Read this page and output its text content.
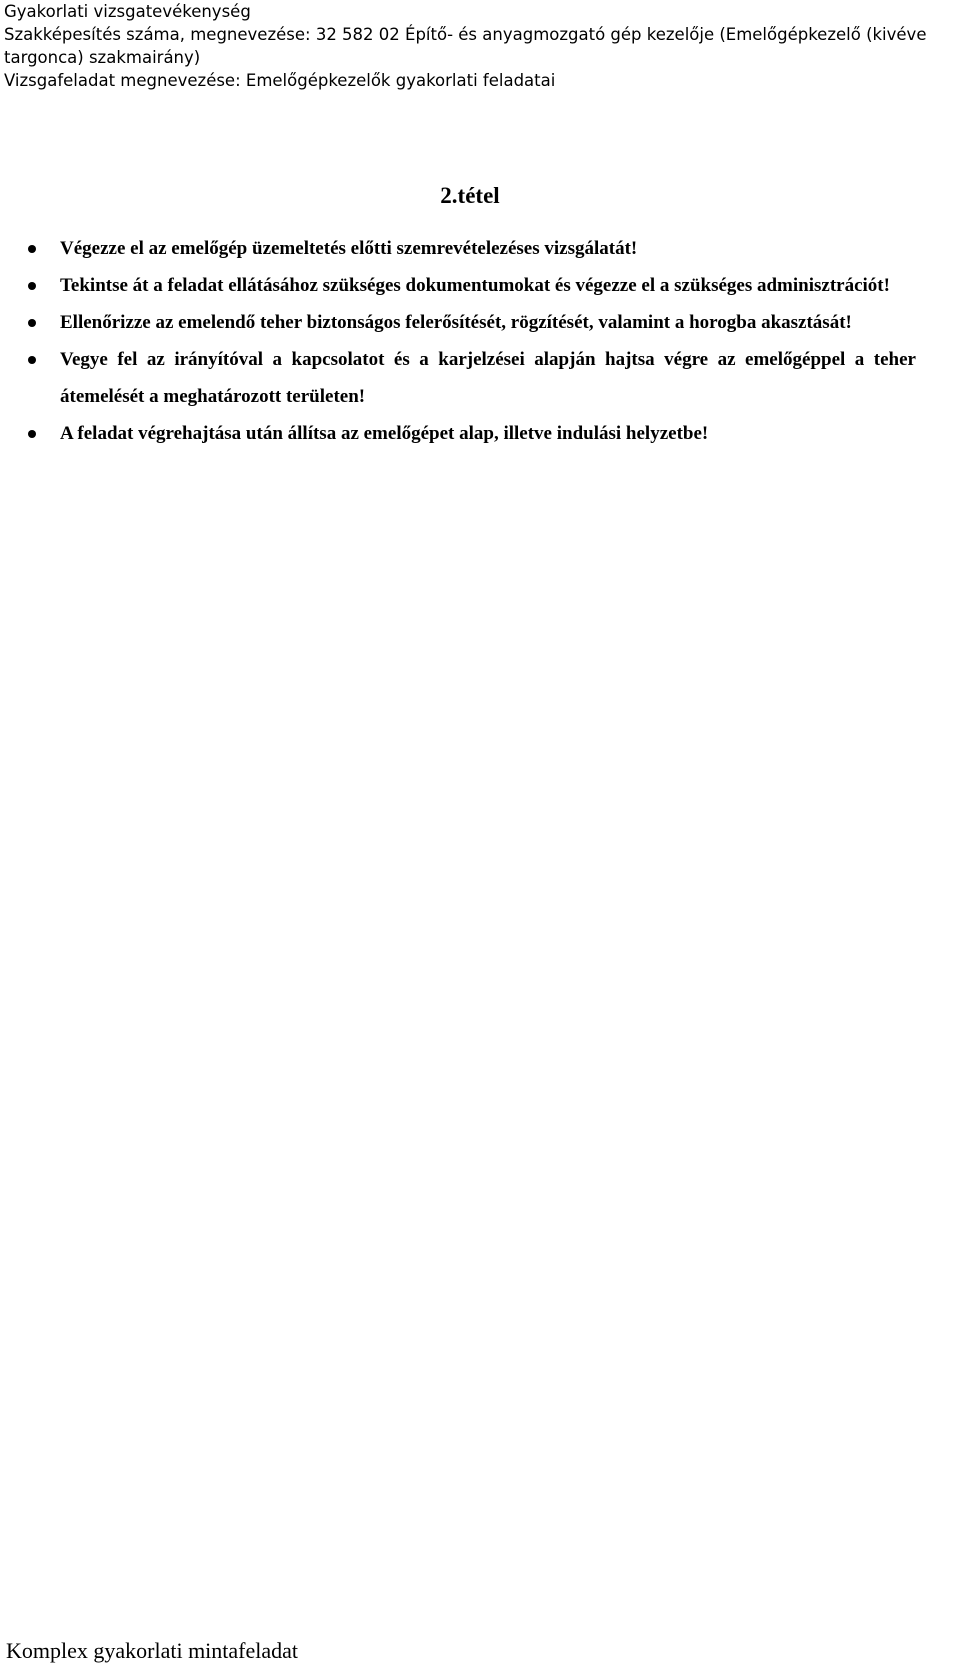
Gyakorlati vizsgatevékenység
Szakképesítés száma, megnevezése: 32 582 02 Építő- és anyagmozgató gép kezelője (Emelőgépkezelő (kivéve targonca) szakmairány)
Vizsgafeladat megnevezése: Emelőgépkezelők gyakorlati feladatai
2.tétel
Végezze el az emelőgép üzemeltetés előtti szemrevételezéses vizsgálatát!
Tekintse át a feladat ellátásához szükséges dokumentumokat és végezze el a szükséges adminisztrációt!
Ellenőrizze az emelendő teher biztonságos felerősítését, rögzítését, valamint a horogba akasztását!
Vegye fel az irányítóval a kapcsolatot és a karjelzései alapján hajtsa végre az emelőgéppel a teher átemelését a meghatározott területen!
A feladat végrehajtása után állítsa az emelőgépet alap, illetve indulási helyzetbe!
Komplex gyakorlati mintafeladat
